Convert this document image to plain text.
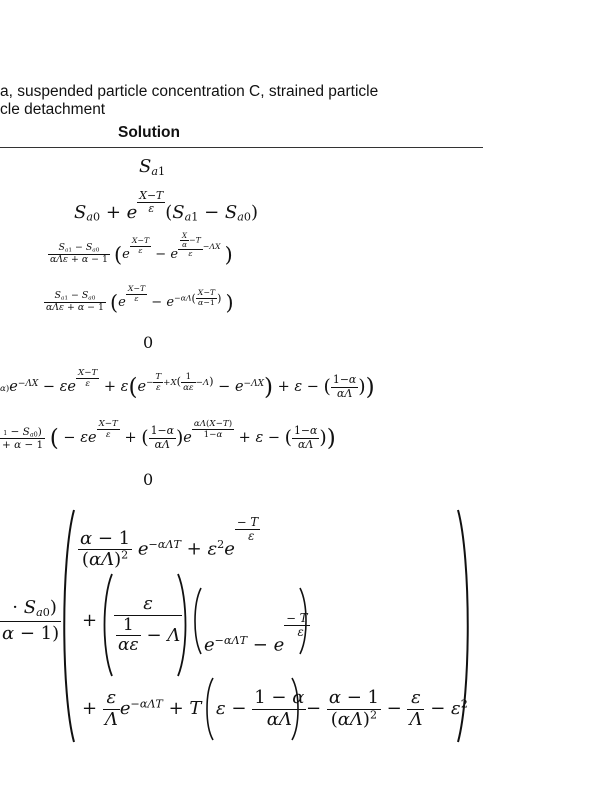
a, suspended particle concentration C, strained particle
cle detachment
Solution
$S_{a1}$
$S_{a0} + e \frac{X-T}{\varepsilon} (S_{a1} - S_{a0})$
$\frac{S_{a1} - S_{a0}}{\text{αΛε + α − 1}} (e \frac{X-T}{\varepsilon} - e \frac{\frac{X}{\alpha} -T}{\varepsilon} -\Lambda X$ )
$\frac{S_{a1} - S_{a0}}{\text{αΛε + α − 1}} (e \frac{X-T}{\varepsilon} - e-\alpha\Lambda( \frac{X-T}{\alpha-1}$ ) )
0
$\alpha)e^{-\Lambda X} - \varepsilon e \frac{X-T}{\varepsilon} + \varepsilon(e- \frac{T}{\varepsilon} +X( \frac{1}{\alpha\varepsilon} -\Lambda) - e^{-\Lambda X}) + \varepsilon$ − ( $\frac{1-\alpha}{\alpha\Lambda}$ ))
$\frac{1 - S_{a0})}{+ \alpha - 1}$ ( − εe $\frac{X-T}{\varepsilon}$ + ( $\frac{1-\alpha}{\alpha\Lambda} )e \frac{\alpha\Lambda(X-T)}{1-\alpha} + \varepsilon$ − ( $\frac{1-\alpha}{\alpha\Lambda}$ ))
0
$\frac{\cdot S_{a0})}{\alpha - 1)}$
$\frac{\alpha - 1}{(\alpha\Lambda)^2} e^{-\alpha\Lambda T} + \varepsilon^2e$
$\frac{- T}{\varepsilon}$
+ $\frac{\varepsilon}{\frac{1}{\alpha\varepsilon} - \Lambda} e^{-\alpha\Lambda T} - e$
$\frac{- T}{\varepsilon}$
+ $\frac{\varepsilon}{\Lambda} e^{-\alpha\Lambda T} + T$ $\varepsilon - \frac{1 - \alpha}{\alpha\Lambda} - \frac{\alpha - 1}{(\alpha\Lambda)^2} - \frac{\varepsilon}{\Lambda} - \varepsilon^2$
